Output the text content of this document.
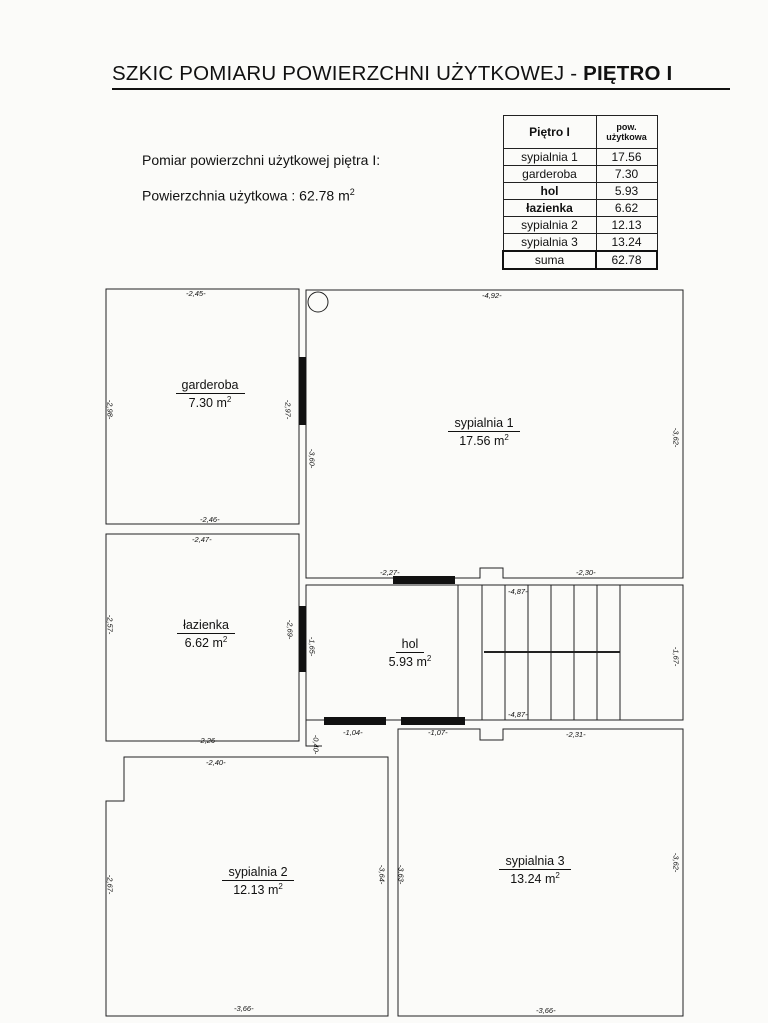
SZKIC POMIARU POWIERZCHNI UŻYTKOWEJ - PIĘTRO I
Pomiar powierzchni użytkowej piętra I:
Powierzchnia użytkowa : 62.78 $m^2$
Piętro I	pow.
użytkowa
sypialnia 1	17.56
garderoba	7.30
hol	5.93
łazienka	6.62
sypialnia 2	12.13
sypialnia 3	13.24
suma	62.78
garderoba
7.30 $m^2$
sypialnia 1
17.56 $m^2$
łazienka
6.62 $m^2$	hol
5.93 $m^2$
sypialnia 2
12.13 $m^2$
sypialnia 3
13.24 $m^2$
-2,45-
-2,46-
-2,98-	-2,97-
-4,92-
-3,60-
-3,62-
-2,27-	-2,30-
-2,47-
-2,57-	-2,69-
-2,26-
-1,65-
-1,67-
-4,87-
-4,87-
-0,40-
-1,04-	-1,07-
-2,40-
-2,67-
-3,64-
-3,66-
-2,31-
-3,63-
-3,62-
-3,66-
